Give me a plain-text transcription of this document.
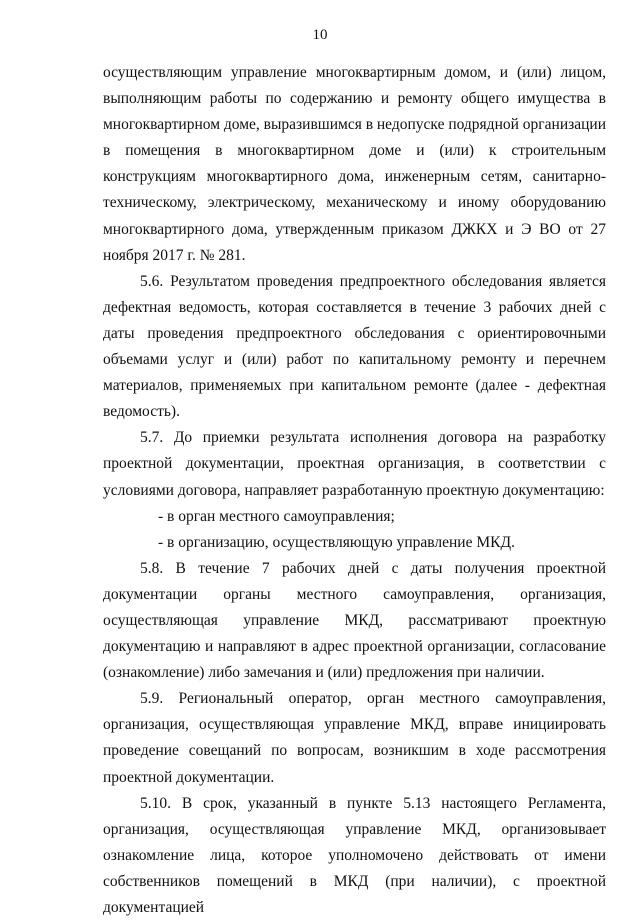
10

осуществляющим управление многоквартирным домом, и (или) лицом, выполняющим работы по содержанию и ремонту общего имущества в многоквартирном доме, выразившимся в недопуске подрядной организации в помещения в многоквартирном доме и (или) к строительным конструкциям многоквартирного дома, инженерным сетям, санитарно-техническому, электрическому, механическому и иному оборудованию многоквартирного дома, утвержденным приказом ДЖКХ и Э ВО от 27 ноября 2017 г. № 281.

5.6. Результатом проведения предпроектного обследования является дефектная ведомость, которая составляется в течение 3 рабочих дней с даты проведения предпроектного обследования с ориентировочными объемами услуг и (или) работ по капитальному ремонту и перечнем материалов, применяемых при капитальном ремонте (далее - дефектная ведомость).

5.7. До приемки результата исполнения договора на разработку проектной документации, проектная организация, в соответствии с условиями договора, направляет разработанную проектную документацию:

- в орган местного самоуправления;

- в организацию, осуществляющую управление МКД.

5.8. В течение 7 рабочих дней с даты получения проектной документации органы местного самоуправления, организация, осуществляющая управление МКД, рассматривают проектную документацию и направляют в адрес проектной организации, согласование (ознакомление) либо замечания и (или) предложения при наличии.

5.9. Региональный оператор, орган местного самоуправления, организация, осуществляющая управление МКД, вправе инициировать проведение совещаний по вопросам, возникшим в ходе рассмотрения проектной документации.

5.10. В срок, указанный в пункте 5.13 настоящего Регламента, организация, осуществляющая управление МКД, организовывает ознакомление лица, которое уполномочено действовать от имени собственников помещений в МКД (при наличии), с проектной документацией
